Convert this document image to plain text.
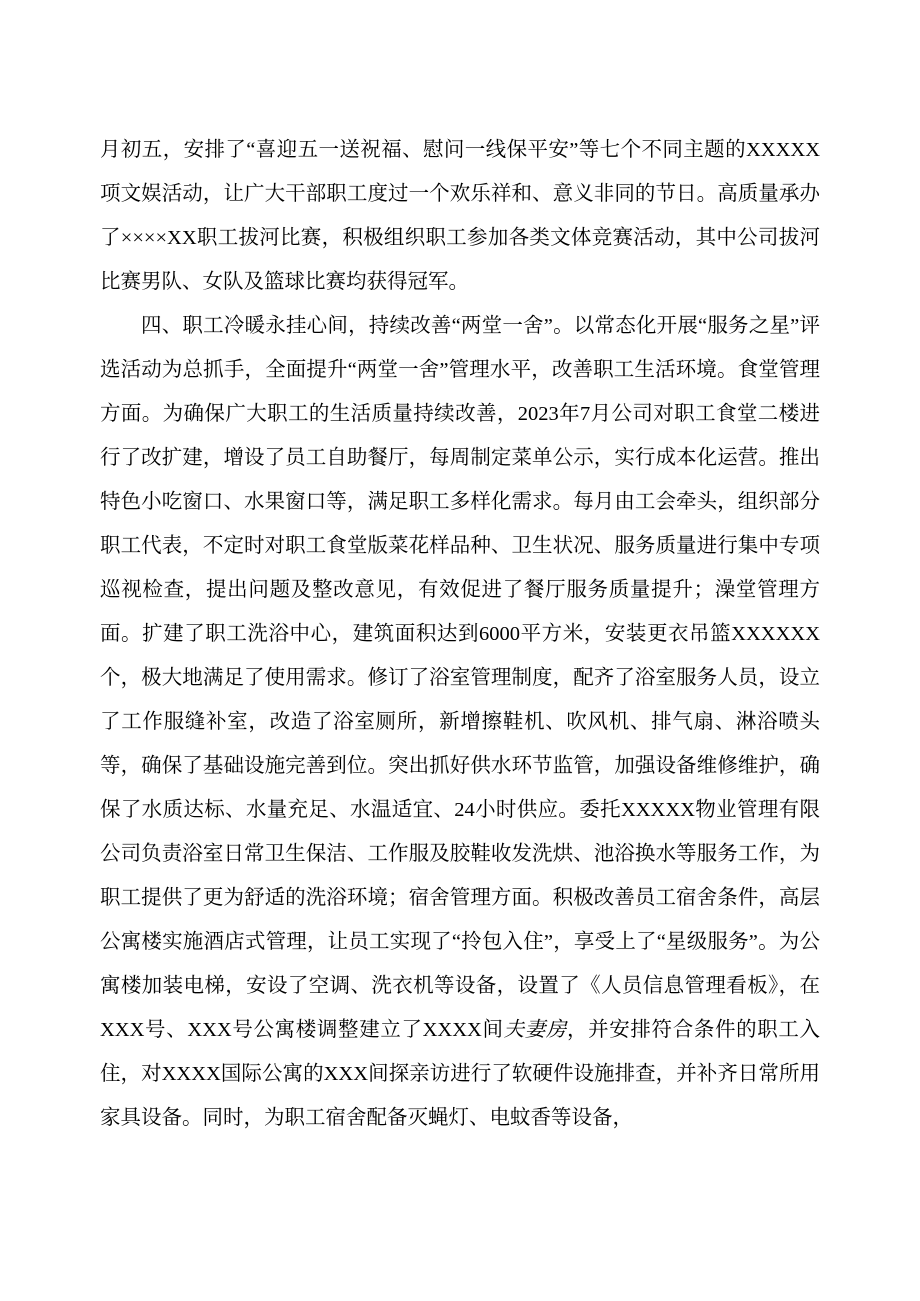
月初五，安排了“喜迎五一送祝福、慰问一线保平安”等七个不同主题的XXXXX项文娱活动，让广大干部职工度过一个欢乐祥和、意义非同的节日。高质量承办了××××XX职工拔河比赛，积极组织职工参加各类文体竞赛活动，其中公司拔河比赛男队、女队及篮球比赛均获得冠军。

四、职工冷暖永挂心间，持续改善“两堂一舍”。以常态化开展“服务之星”评选活动为总抓手，全面提升“两堂一舍”管理水平，改善职工生活环境。食堂管理方面。为确保广大职工的生活质量持续改善，2023年7月公司对职工食堂二楼进行了改扩建，增设了员工自助餐厅，每周制定菜单公示，实行成本化运营。推出特色小吃窗口、水果窗口等，满足职工多样化需求。每月由工会牵头，组织部分职工代表，不定时对职工食堂版菜花样品种、卫生状况、服务质量进行集中专项巡视检查，提出问题及整改意见，有效促进了餐厅服务质量提升；澡堂管理方面。扩建了职工洗浴中心，建筑面积达到6000平方米，安装更衣吊篮XXXXXX个，极大地满足了使用需求。修订了浴室管理制度，配齐了浴室服务人员，设立了工作服缝补室，改造了浴室厕所，新增擦鞋机、吹风机、排气扇、淋浴喷头等，确保了基础设施完善到位。突出抓好供水环节监管，加强设备维修维护，确保了水质达标、水量充足、水温适宜、24小时供应。委托XXXXX物业管理有限公司负责浴室日常卫生保洁、工作服及胶鞋收发洗烘、池浴换水等服务工作，为职工提供了更为舒适的洗浴环境；宿舍管理方面。积极改善员工宿舍条件，高层公寓楼实施酒店式管理，让员工实现了“拎包入住”，享受上了“星级服务”。为公寓楼加装电梯，安设了空调、洗衣机等设备，设置了《人员信息管理看板》，在XXX号、XXX号公寓楼调整建立了XXXX间夫妻房，并安排符合条件的职工入住，对XXXX国际公寓的XXX间探亲访进行了软硬件设施排查，并补齐日常所用家具设备。同时，为职工宿舍配备灭蝇灯、电蚊香等设备，
